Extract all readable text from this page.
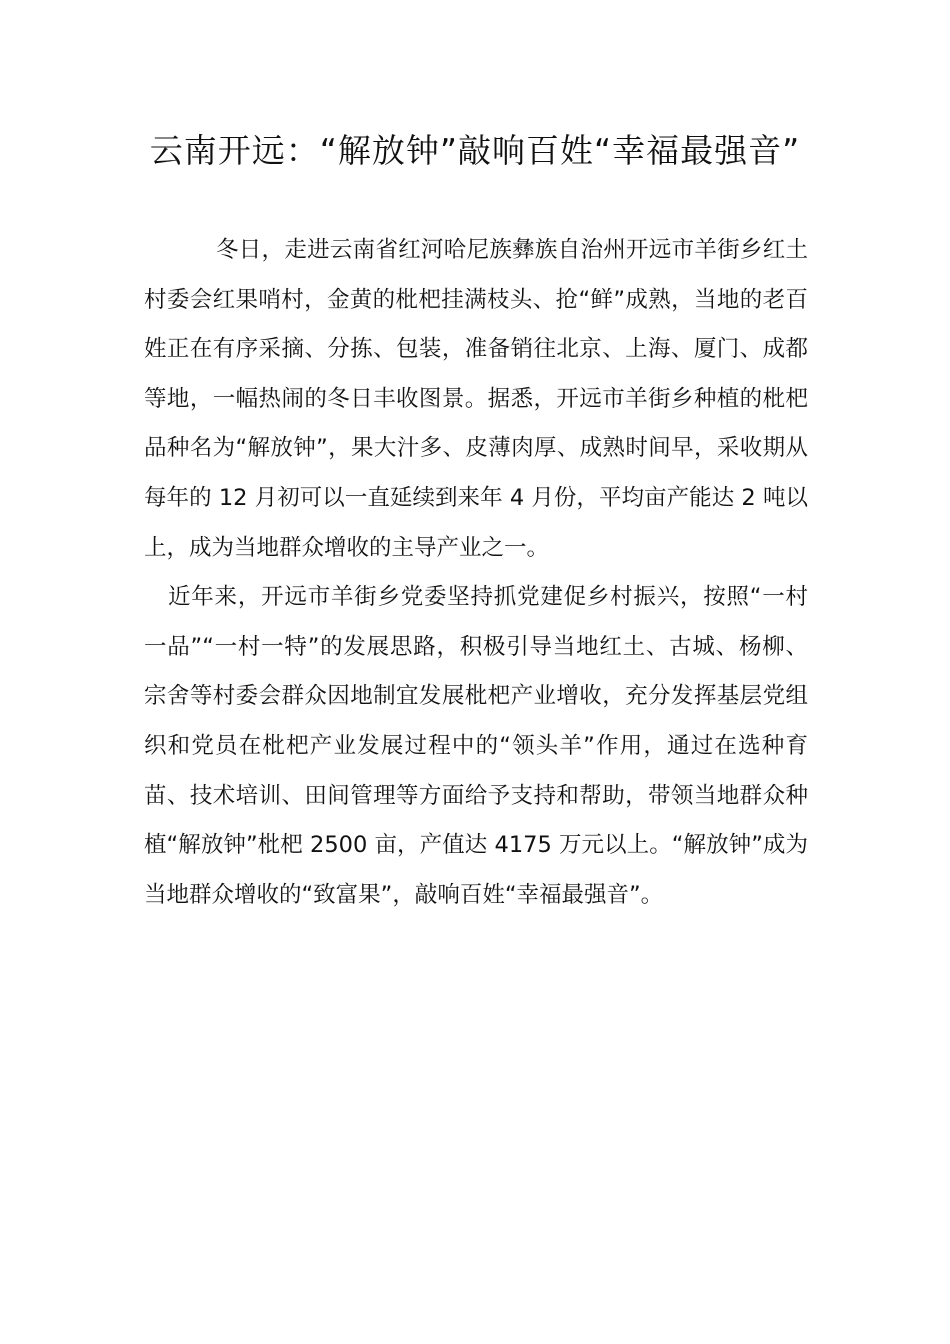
云南开远：“解放钟”敲响百姓“幸福最强音”

冬日，走进云南省红河哈尼族彝族自治州开远市羊街乡红土村委会红果哨村，金黄的枇杷挂满枝头、抢“鲜”成熟，当地的老百姓正在有序采摘、分拣、包装，准备销往北京、上海、厦门、成都等地，一幅热闹的冬日丰收图景。据悉，开远市羊街乡种植的枇杷品种名为“解放钟”，果大汁多、皮薄肉厚、成熟时间早，采收期从每年的 12 月初可以一直延续到来年 4 月份，平均亩产能达 2 吨以上，成为当地群众增收的主导产业之一。

近年来，开远市羊街乡党委坚持抓党建促乡村振兴，按照“一村一品”“一村一特”的发展思路，积极引导当地红土、古城、杨柳、宗舍等村委会群众因地制宜发展枇杷产业增收，充分发挥基层党组织和党员在枇杷产业发展过程中的“领头羊”作用，通过在选种育苗、技术培训、田间管理等方面给予支持和帮助，带领当地群众种植“解放钟”枇杷 2500 亩，产值达 4175 万元以上。“解放钟”成为当地群众增收的“致富果”，敲响百姓“幸福最强音”。
